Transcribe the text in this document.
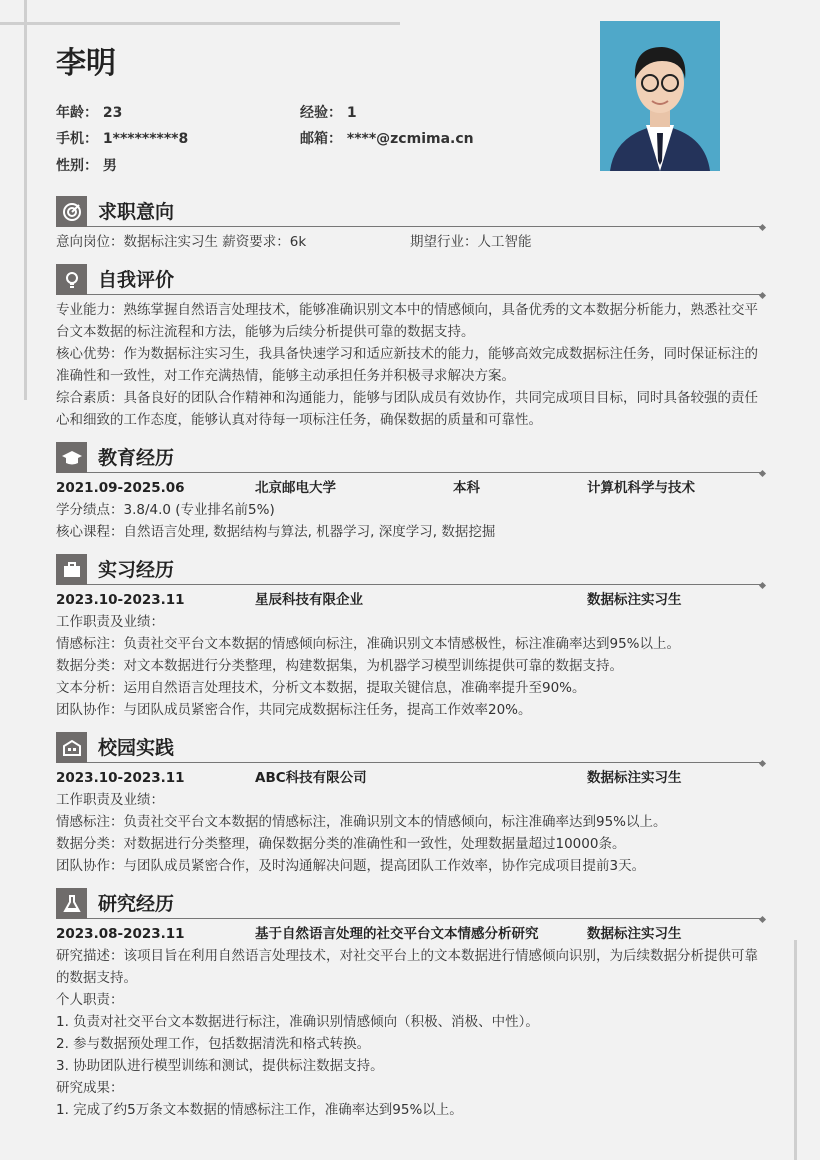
李明
年龄： 23	经验： 1
手机： 1*********8	邮箱： ****@zcmima.cn
性别： 男
求职意向
意向岗位：数据标注实习生 薪资要求：6k	期望行业：人工智能
自我评价
专业能力：熟练掌握自然语言处理技术，能够准确识别文本中的情感倾向，具备优秀的文本数据分析能力，熟悉社交平台文本数据的标注流程和方法，能够为后续分析提供可靠的数据支持。
核心优势：作为数据标注实习生，我具备快速学习和适应新技术的能力，能够高效完成数据标注任务，同时保证标注的准确性和一致性，对工作充满热情，能够主动承担任务并积极寻求解决方案。
综合素质：具备良好的团队合作精神和沟通能力，能够与团队成员有效协作，共同完成项目目标，同时具备较强的责任心和细致的工作态度，能够认真对待每一项标注任务，确保数据的质量和可靠性。
教育经历
2021.09-2025.06	北京邮电大学	本科	计算机科学与技术
学分绩点：3.8/4.0 (专业排名前5%)
核心课程：自然语言处理, 数据结构与算法, 机器学习, 深度学习, 数据挖掘
实习经历
2023.10-2023.11	星辰科技有限企业	数据标注实习生
工作职责及业绩：
情感标注：负责社交平台文本数据的情感倾向标注，准确识别文本情感极性，标注准确率达到95%以上。
数据分类：对文本数据进行分类整理，构建数据集，为机器学习模型训练提供可靠的数据支持。
文本分析：运用自然语言处理技术，分析文本数据，提取关键信息，准确率提升至90%。
团队协作：与团队成员紧密合作，共同完成数据标注任务，提高工作效率20%。
校园实践
2023.10-2023.11	ABC科技有限公司	数据标注实习生
工作职责及业绩：
情感标注：负责社交平台文本数据的情感标注，准确识别文本的情感倾向，标注准确率达到95%以上。
数据分类：对数据进行分类整理，确保数据分类的准确性和一致性，处理数据量超过10000条。
团队协作：与团队成员紧密合作，及时沟通解决问题，提高团队工作效率，协作完成项目提前3天。
研究经历
2023.08-2023.11	基于自然语言处理的社交平台文本情感分析研究	数据标注实习生
研究描述：该项目旨在利用自然语言处理技术，对社交平台上的文本数据进行情感倾向识别，为后续数据分析提供可靠的数据支持。
个人职责：
1. 负责对社交平台文本数据进行标注，准确识别情感倾向（积极、消极、中性）。
2. 参与数据预处理工作，包括数据清洗和格式转换。
3. 协助团队进行模型训练和测试，提供标注数据支持。
研究成果：
1. 完成了约5万条文本数据的情感标注工作，准确率达到95%以上。
